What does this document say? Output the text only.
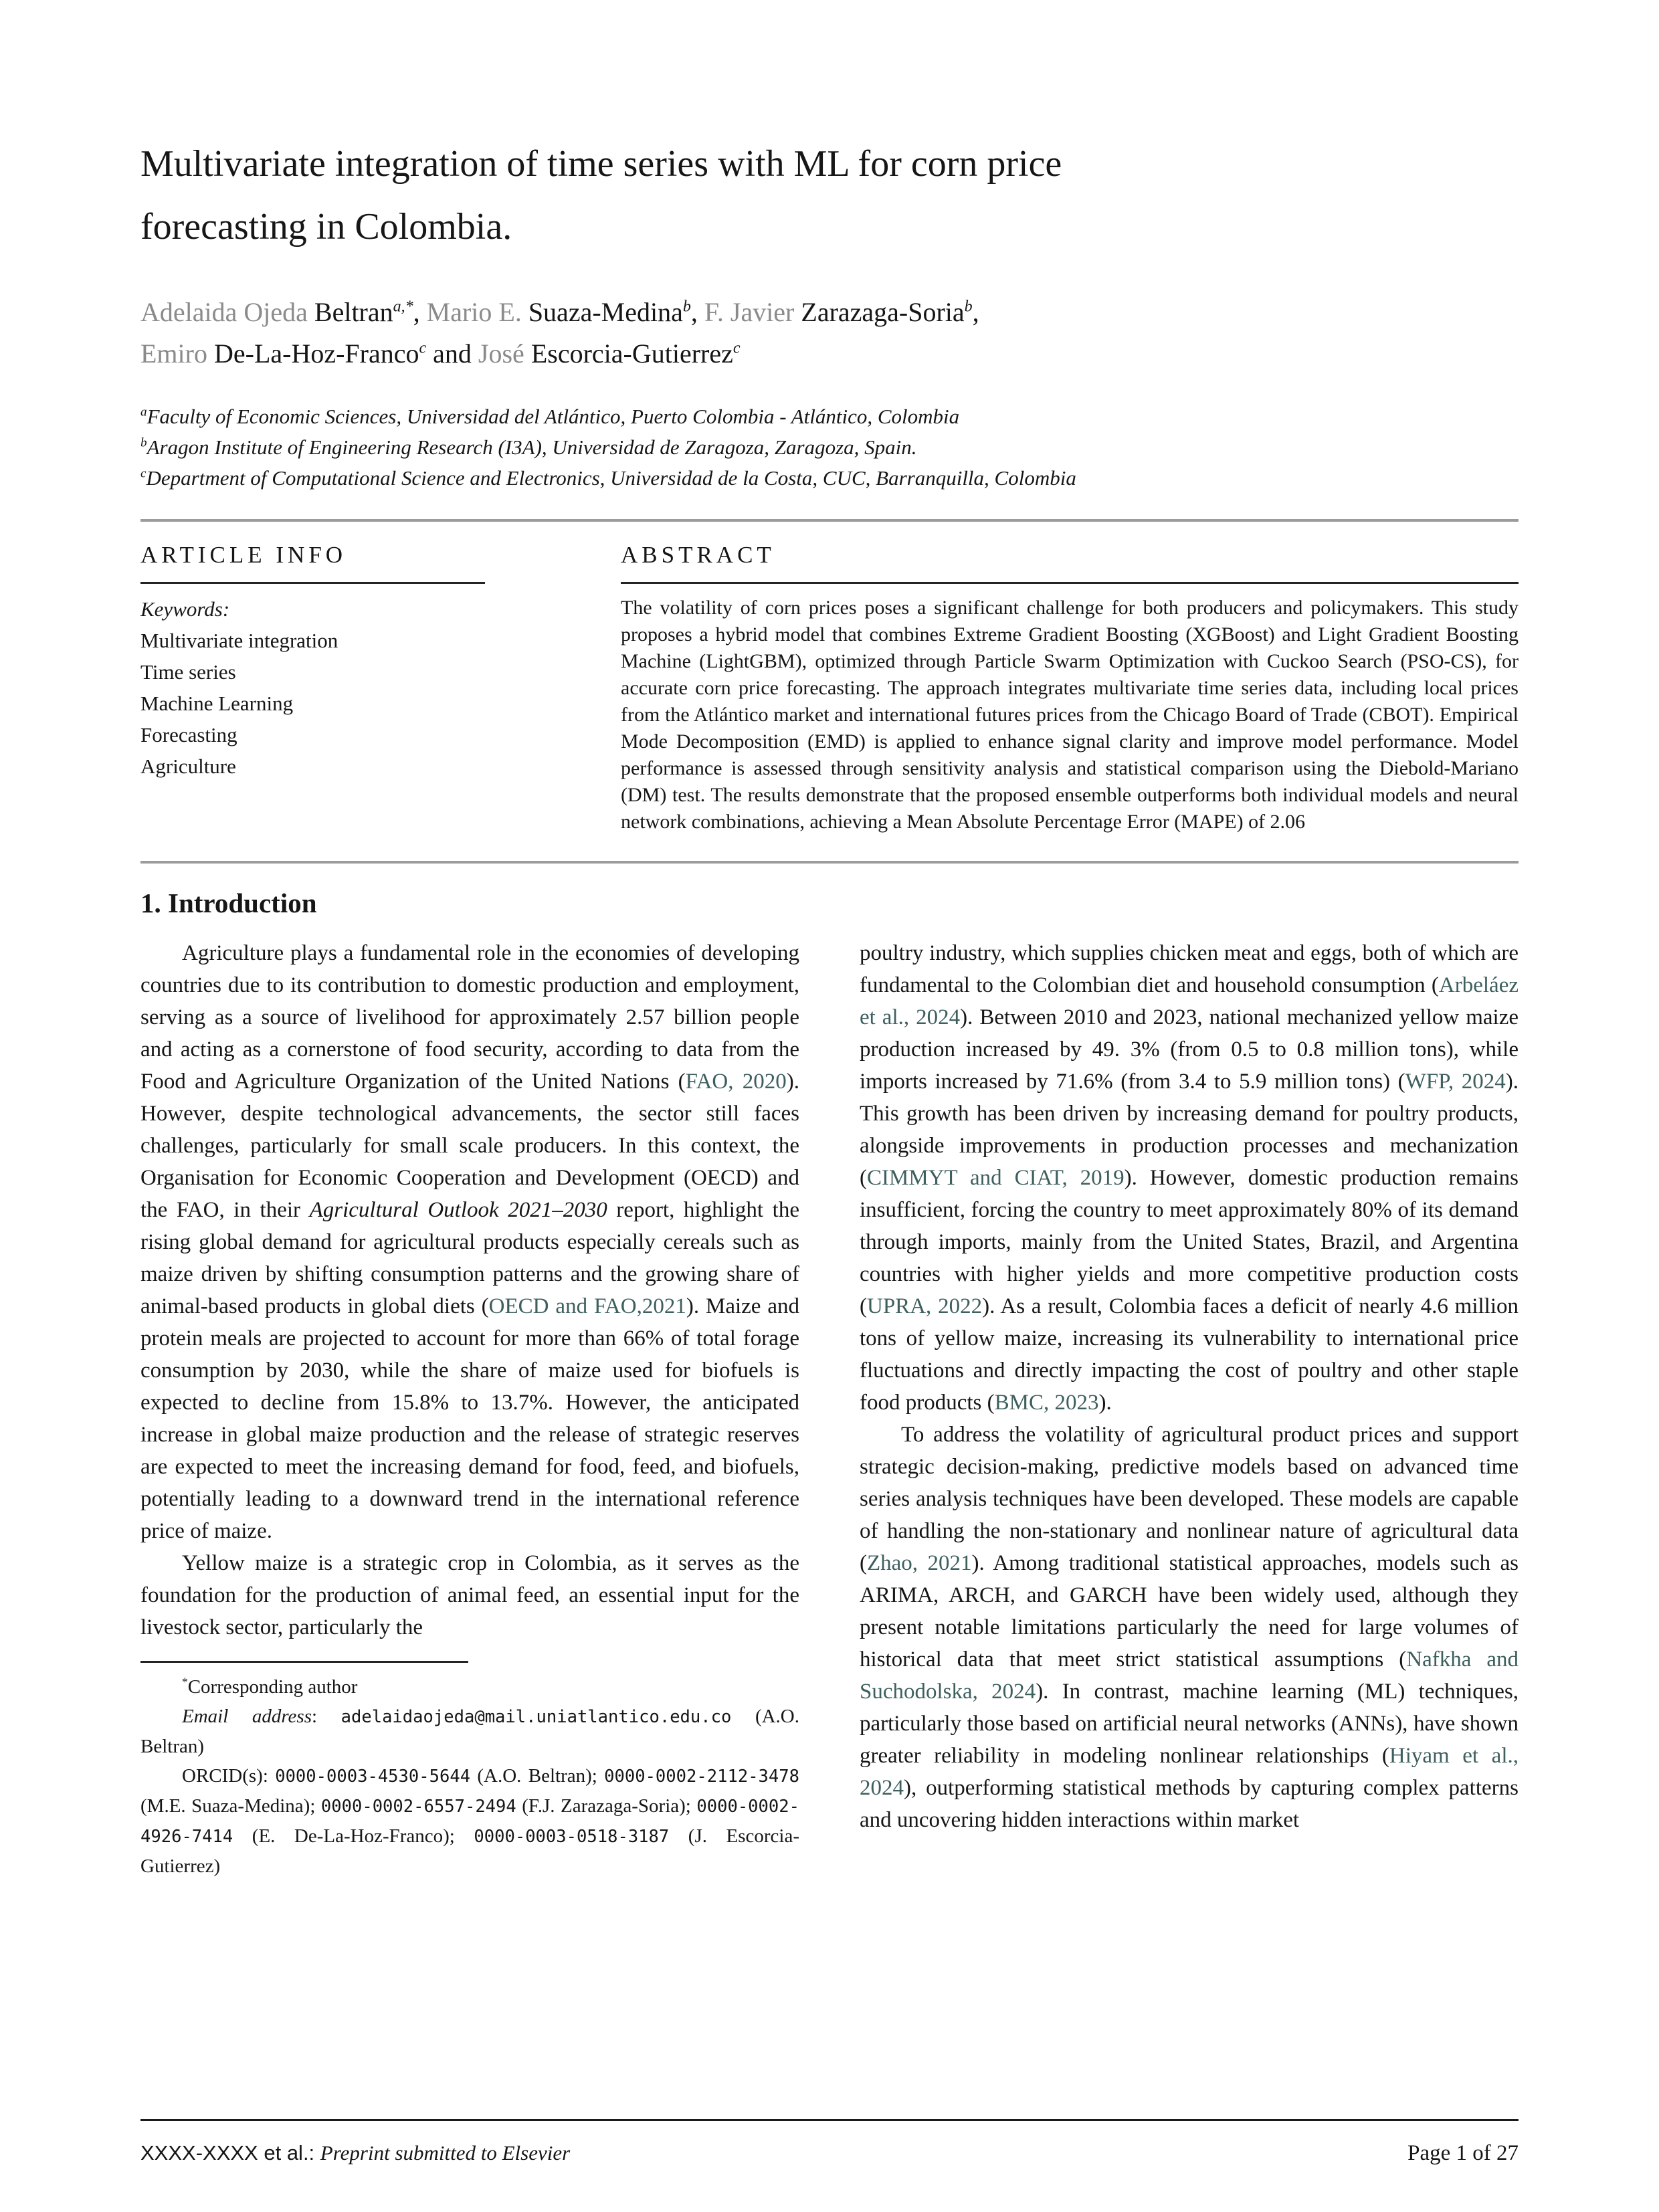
Multivariate integration of time series with ML for corn price
forecasting in Colombia.
Adelaida Ojeda Beltran$^{a,*}$, Mario E. Suaza-Medina$^b$, F. Javier Zarazaga-Soria$^b$,
Emiro De-La-Hoz-Franco$^c$ and José Escorcia-Gutierrez$^c$
$^a$Faculty of Economic Sciences, Universidad del Atlántico, Puerto Colombia - Atlántico, Colombia
$^b$Aragon Institute of Engineering Research (I3A), Universidad de Zaragoza, Zaragoza, Spain.
$^c$Department of Computational Science and Electronics, Universidad de la Costa, CUC, Barranquilla, Colombia
ARTICLE INFO
Keywords:
Multivariate integration
Time series
Machine Learning
Forecasting
Agriculture
ABSTRACT
The volatility of corn prices poses a significant challenge for both producers and policymakers. This study proposes a hybrid model that combines Extreme Gradient Boosting (XGBoost) and Light Gradient Boosting Machine (LightGBM), optimized through Particle Swarm Optimization with Cuckoo Search (PSO-CS), for accurate corn price forecasting. The approach integrates multivariate time series data, including local prices from the Atlántico market and international futures prices from the Chicago Board of Trade (CBOT). Empirical Mode Decomposition (EMD) is applied to enhance signal clarity and improve model performance. Model performance is assessed through sensitivity analysis and statistical comparison using the Diebold-Mariano (DM) test. The results demonstrate that the proposed ensemble outperforms both individual models and neural network combinations, achieving a Mean Absolute Percentage Error (MAPE) of 2.06
1. Introduction

Agriculture plays a fundamental role in the economies of developing countries due to its contribution to domestic production and employment, serving as a source of livelihood for approximately 2.57 billion people and acting as a cornerstone of food security, according to data from the Food and Agriculture Organization of the United Nations (FAO, 2020). However, despite technological advancements, the sector still faces challenges, particularly for small scale producers. In this context, the Organisation for Economic Cooperation and Development (OECD) and the FAO, in their Agricultural Outlook 2021–2030 report, highlight the rising global demand for agricultural products especially cereals such as maize driven by shifting consumption patterns and the growing share of animal-based products in global diets (OECD and FAO,2021). Maize and protein meals are projected to account for more than 66% of total forage consumption by 2030, while the share of maize used for biofuels is expected to decline from 15.8% to 13.7%. However, the anticipated increase in global maize production and the release of strategic reserves are expected to meet the increasing demand for food, feed, and biofuels, potentially leading to a downward trend in the international reference price of maize.

Yellow maize is a strategic crop in Colombia, as it serves as the foundation for the production of animal feed, an essential input for the livestock sector, particularly the

*Corresponding author

Email address: adelaidaojeda@mail.uniatlantico.edu.co (A.O. Beltran)

ORCID(s): 0000-0003-4530-5644 (A.O. Beltran); 0000-0002-2112-3478 (M.E. Suaza-Medina); 0000-0002-6557-2494 (F.J. Zarazaga-Soria); 0000-0002-4926-7414 (E. De-La-Hoz-Franco); 0000-0003-0518-3187 (J. Escorcia-Gutierrez)

poultry industry, which supplies chicken meat and eggs, both of which are fundamental to the Colombian diet and household consumption (Arbeláez et al., 2024). Between 2010 and 2023, national mechanized yellow maize production increased by 49. 3% (from 0.5 to 0.8 million tons), while imports increased by 71.6% (from 3.4 to 5.9 million tons) (WFP, 2024). This growth has been driven by increasing demand for poultry products, alongside improvements in production processes and mechanization (CIMMYT and CIAT, 2019). However, domestic production remains insufficient, forcing the country to meet approximately 80% of its demand through imports, mainly from the United States, Brazil, and Argentina countries with higher yields and more competitive production costs (UPRA, 2022). As a result, Colombia faces a deficit of nearly 4.6 million tons of yellow maize, increasing its vulnerability to international price fluctuations and directly impacting the cost of poultry and other staple food products (BMC, 2023).

To address the volatility of agricultural product prices and support strategic decision-making, predictive models based on advanced time series analysis techniques have been developed. These models are capable of handling the non-stationary and nonlinear nature of agricultural data (Zhao, 2021). Among traditional statistical approaches, models such as ARIMA, ARCH, and GARCH have been widely used, although they present notable limitations particularly the need for large volumes of historical data that meet strict statistical assumptions (Nafkha and Suchodolska, 2024). In contrast, machine learning (ML) techniques, particularly those based on artificial neural networks (ANNs), have shown greater reliability in modeling nonlinear relationships (Hiyam et al., 2024), outperforming statistical methods by capturing complex patterns and uncovering hidden interactions within market

XXXX-XXXX et al.: Preprint submitted to Elsevier	Page 1 of 27
